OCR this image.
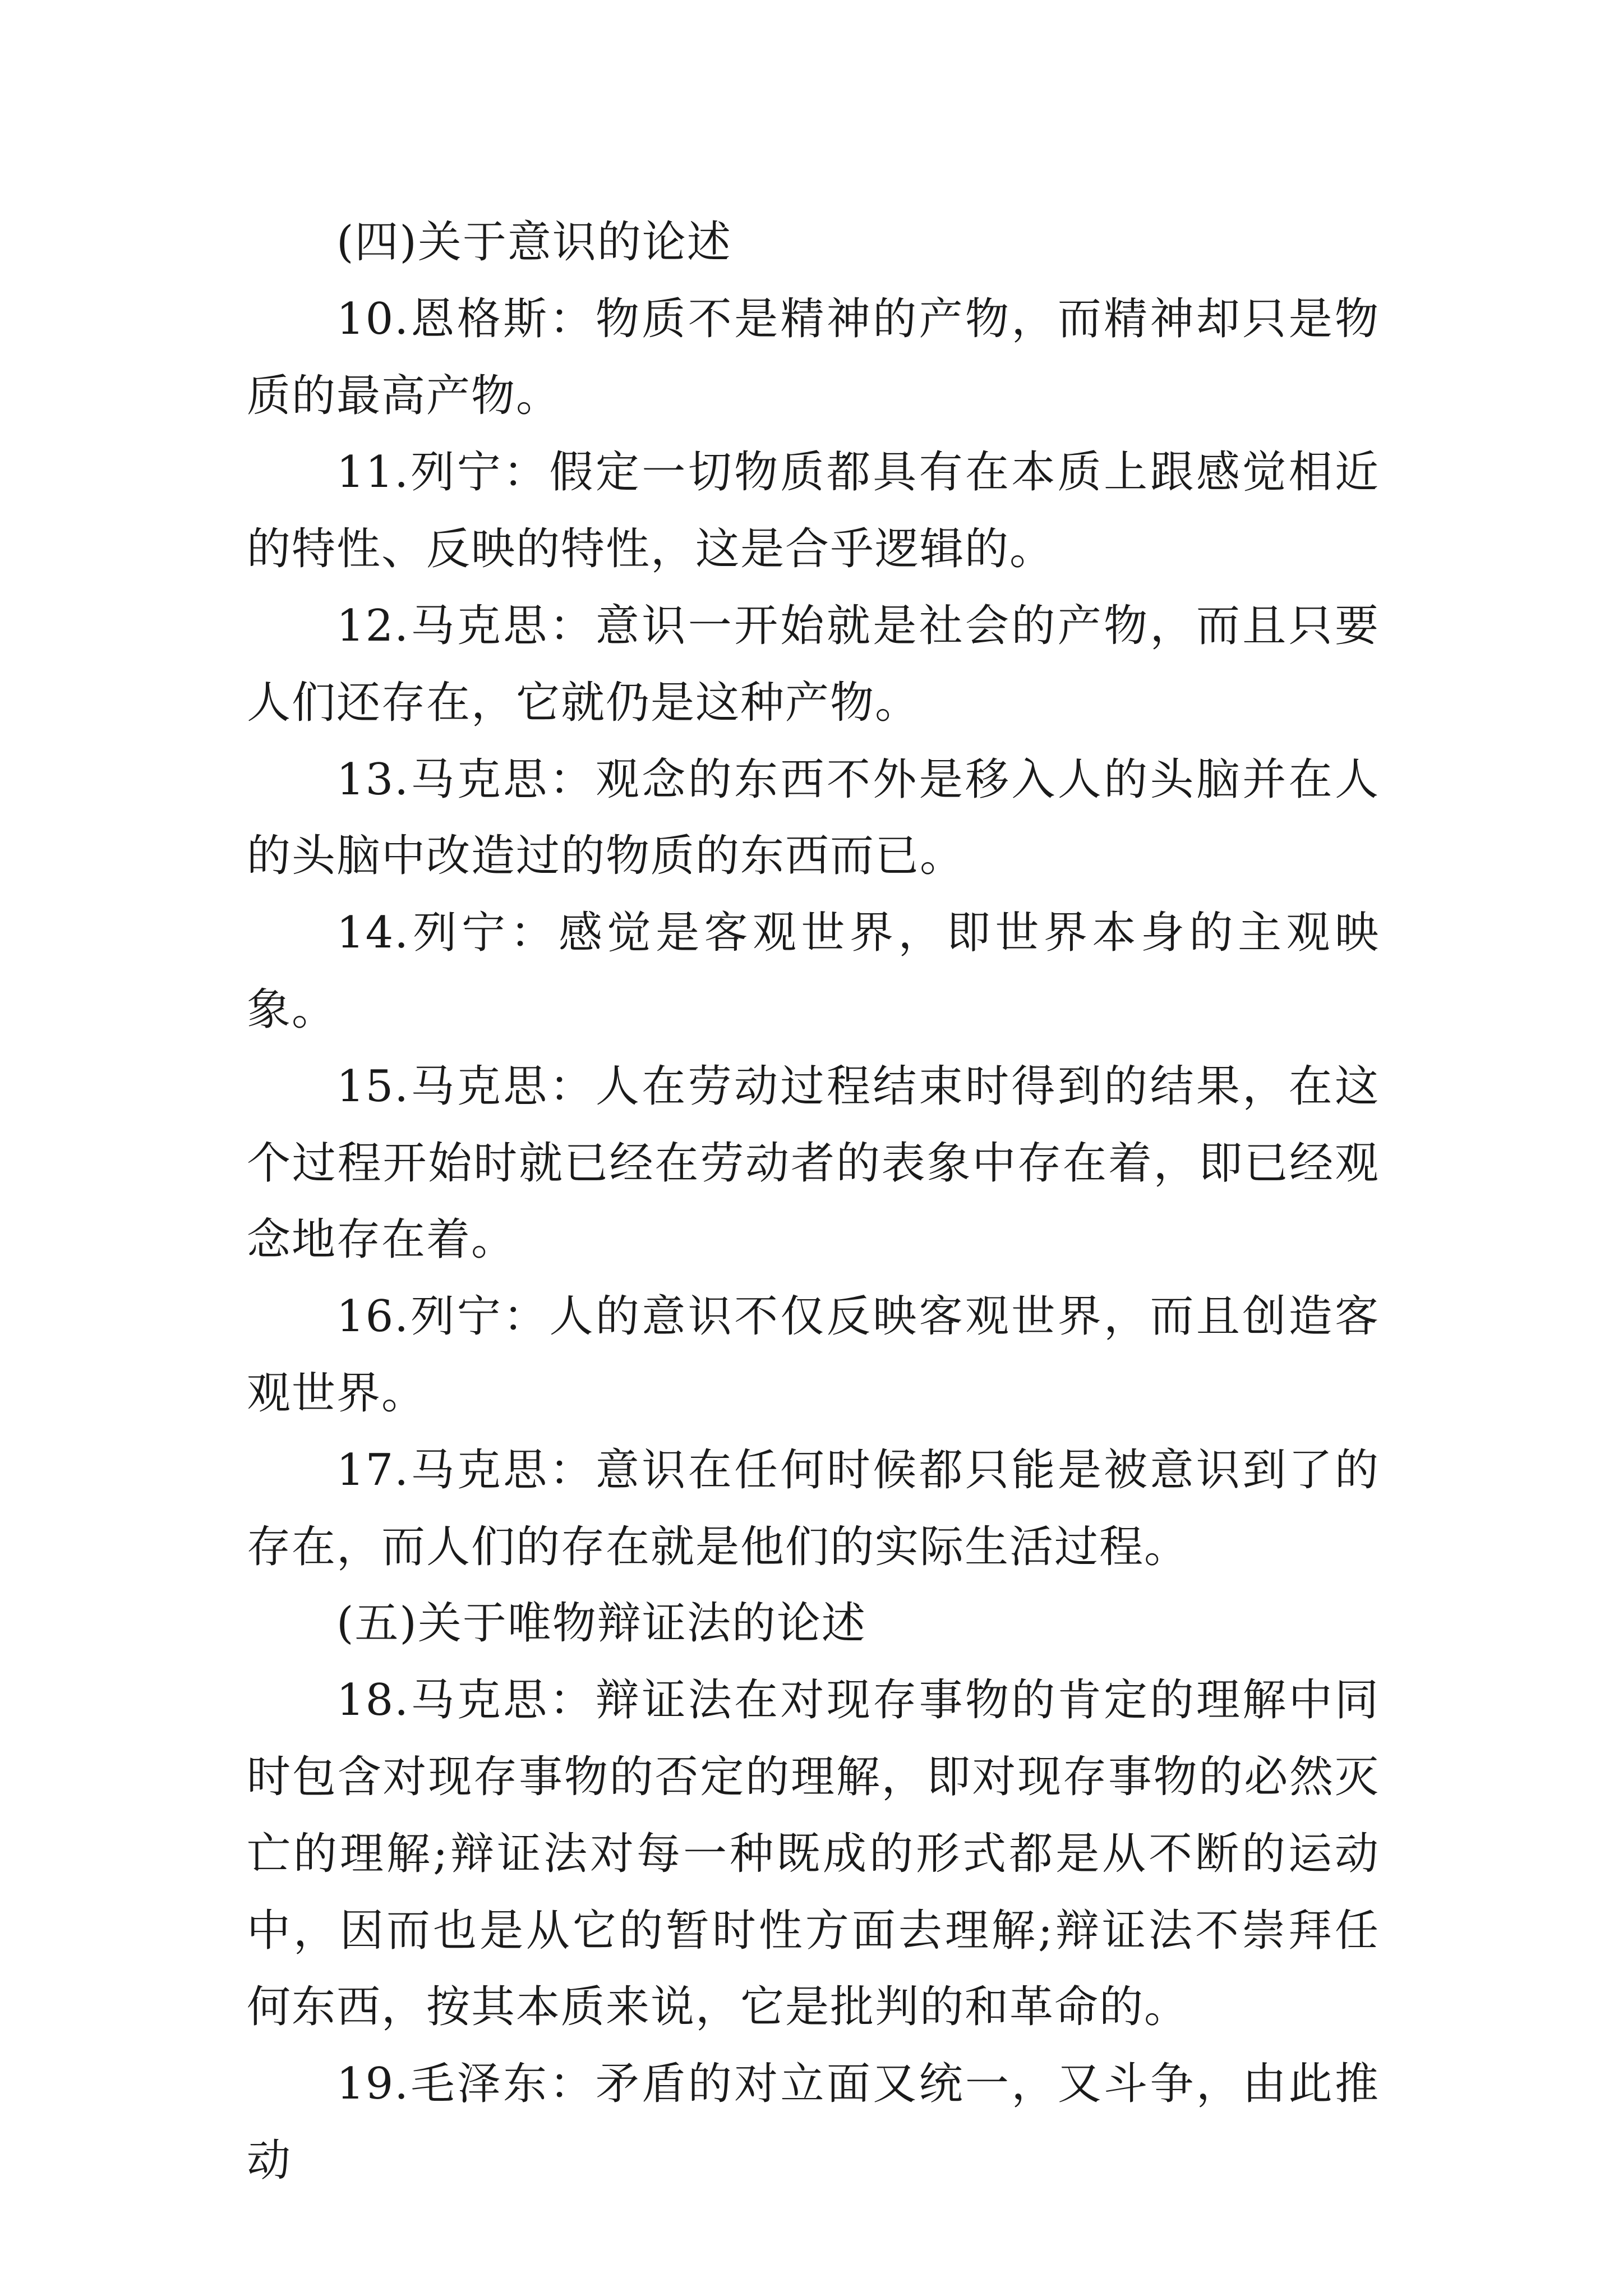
(四)关于意识的论述

10.恩格斯：物质不是精神的产物，而精神却只是物质的最高产物。

11.列宁：假定一切物质都具有在本质上跟感觉相近的特性、反映的特性，这是合乎逻辑的。

12.马克思：意识一开始就是社会的产物，而且只要人们还存在，它就仍是这种产物。

13.马克思：观念的东西不外是移入人的头脑并在人的头脑中改造过的物质的东西而已。

14.列宁：感觉是客观世界，即世界本身的主观映象。

15.马克思：人在劳动过程结束时得到的结果，在这个过程开始时就已经在劳动者的表象中存在着，即已经观念地存在着。

16.列宁：人的意识不仅反映客观世界，而且创造客观世界。

17.马克思：意识在任何时候都只能是被意识到了的存在，而人们的存在就是他们的实际生活过程。

(五)关于唯物辩证法的论述

18.马克思：辩证法在对现存事物的肯定的理解中同时包含对现存事物的否定的理解，即对现存事物的必然灭亡的理解;辩证法对每一种既成的形式都是从不断的运动中，因而也是从它的暂时性方面去理解;辩证法不崇拜任何东西，按其本质来说，它是批判的和革命的。

19.毛泽东：矛盾的对立面又统一，又斗争，由此推动
